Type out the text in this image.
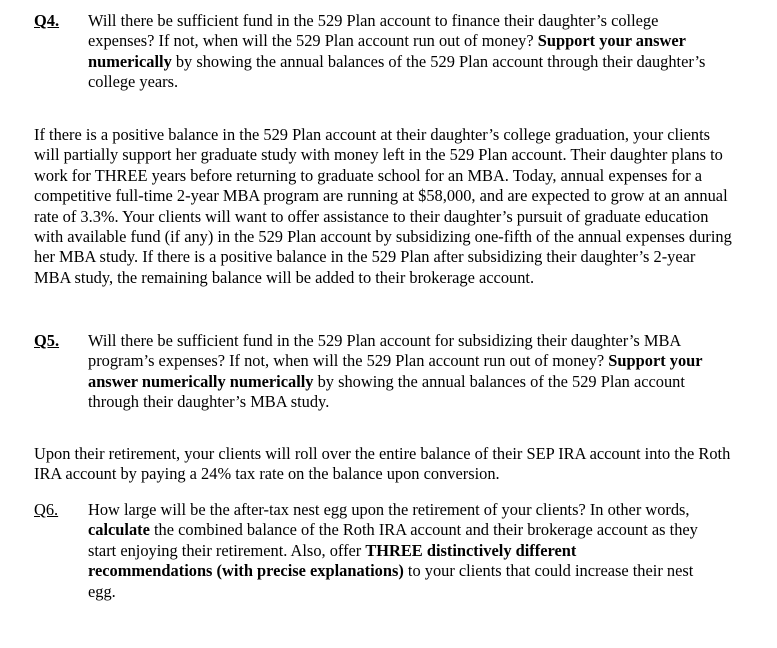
Q4. Will there be sufficient fund in the 529 Plan account to finance their daughter’s college expenses? If not, when will the 529 Plan account run out of money? Support your answer numerically by showing the annual balances of the 529 Plan account through their daughter’s college years.
If there is a positive balance in the 529 Plan account at their daughter’s college graduation, your clients will partially support her graduate study with money left in the 529 Plan account. Their daughter plans to work for THREE years before returning to graduate school for an MBA. Today, annual expenses for a competitive full-time 2-year MBA program are running at $58,000, and are expected to grow at an annual rate of 3.3%. Your clients will want to offer assistance to their daughter’s pursuit of graduate education with available fund (if any) in the 529 Plan account by subsidizing one-fifth of the annual expenses during her MBA study. If there is a positive balance in the 529 Plan after subsidizing their daughter’s 2-year MBA study, the remaining balance will be added to their brokerage account.
Q5. Will there be sufficient fund in the 529 Plan account for subsidizing their daughter’s MBA program’s expenses? If not, when will the 529 Plan account run out of money? Support your answer numerically numerically by showing the annual balances of the 529 Plan account through their daughter’s MBA study.
Upon their retirement, your clients will roll over the entire balance of their SEP IRA account into the Roth IRA account by paying a 24% tax rate on the balance upon conversion.
Q6. How large will be the after-tax nest egg upon the retirement of your clients? In other words, calculate the combined balance of the Roth IRA account and their brokerage account as they start enjoying their retirement. Also, offer THREE distinctively different recommendations (with precise explanations) to your clients that could increase their nest egg.
